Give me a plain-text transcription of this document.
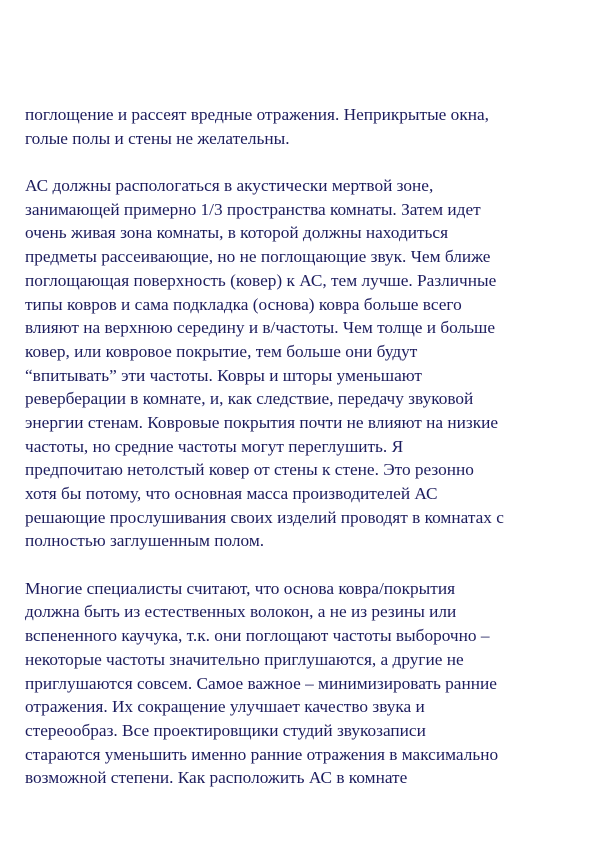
поглощение и рассеят вредные отражения. Неприкрытые окна,
голые полы и стены не желательны.
АС должны распологаться в акустически мертвой зоне,
занимающей примерно 1/3 пространства комнаты. Затем идет
очень живая зона комнаты, в которой должны находиться
предметы рассеивающие, но не поглощающие звук. Чем ближе
поглощающая поверхность (ковер) к АС, тем лучше. Различные
типы ковров и сама подкладка (основа) ковра больше всего
влияют на верхнюю середину и в/частоты. Чем толще и больше
ковер, или ковровое покрытие, тем больше они будут
“впитывать” эти частоты. Ковры и шторы уменьшают
реверберации в комнате, и, как следствие, передачу звуковой
энергии стенам. Ковровые покрытия почти не влияют на низкие
частоты, но средние частоты могут переглушить. Я
предпочитаю нетолстый ковер от стены к стене. Это резонно
хотя бы потому, что основная масса производителей АС
решающие прослушивания своих изделий проводят в комнатах с
полностью заглушенным полом.
Многие специалисты считают, что основа ковра/покрытия
должна быть из естественных волокон, а не из резины или
вспененного каучука, т.к. они поглощают частоты выборочно –
некоторые частоты значительно приглушаются, а другие не
приглушаются совсем. Самое важное – минимизировать ранние
отражения. Их сокращение улучшает качество звука и
стереообраз. Все проектировщики студий звукозаписи
стараются уменьшить именно ранние отражения в максимально
возможной степени. Как расположить АС в комнате
